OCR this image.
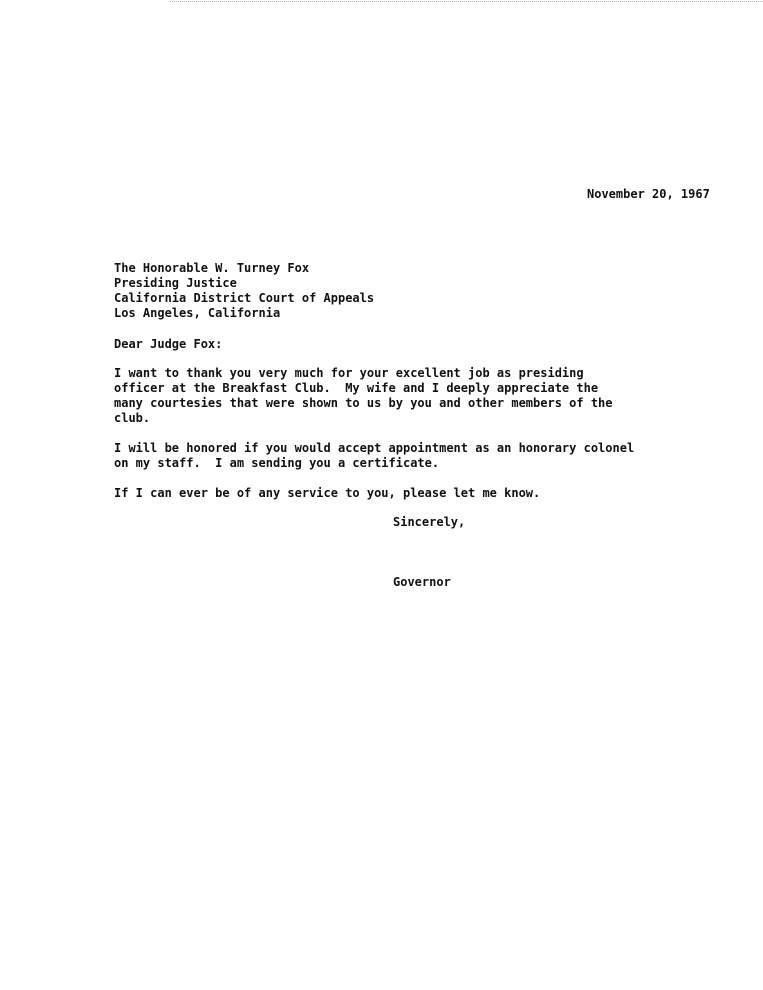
November 20, 1967
The Honorable W. Turney Fox
Presiding Justice
California District Court of Appeals
Los Angeles, California
Dear Judge Fox:
I want to thank you very much for your excellent job as presiding
officer at the Breakfast Club.  My wife and I deeply appreciate the
many courtesies that were shown to us by you and other members of the
club.
I will be honored if you would accept appointment as an honorary colonel
on my staff.  I am sending you a certificate.
If I can ever be of any service to you, please let me know.
Sincerely,
Governor
